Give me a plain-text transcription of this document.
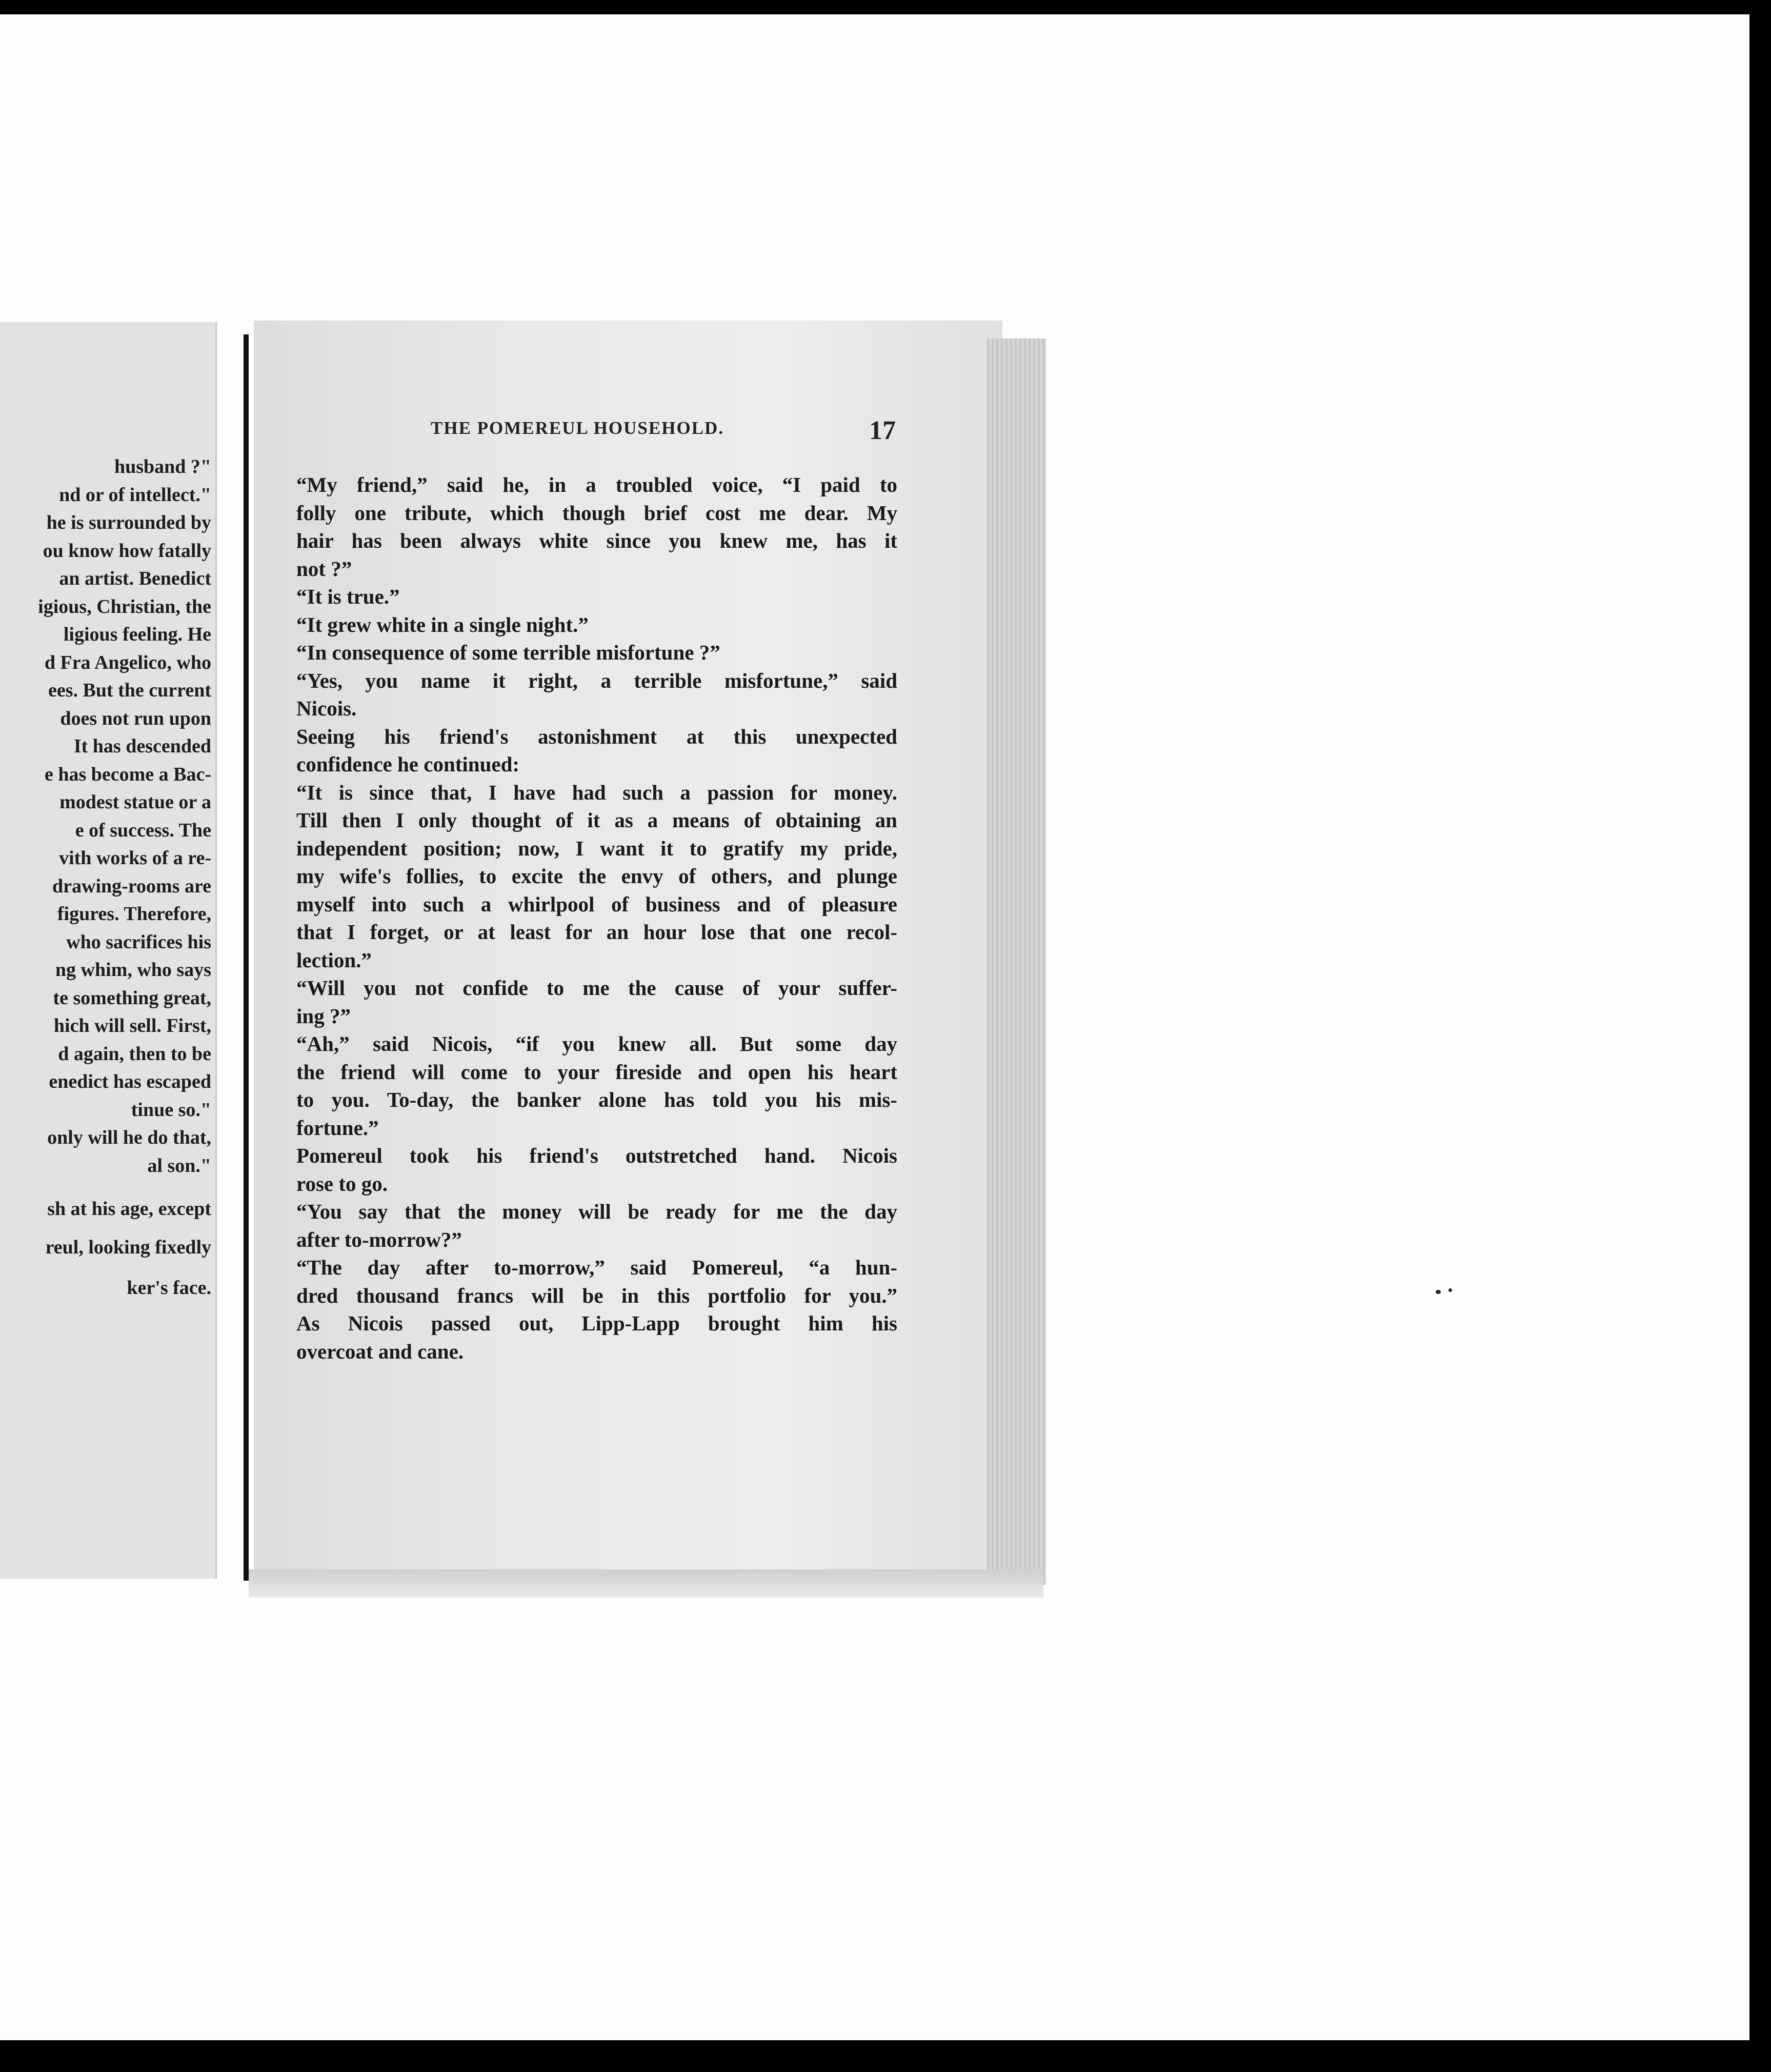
husband ?"
nd or of intellect."
he is surrounded by
ou know how fatally
an artist. Benedict
igious, Christian, the
ligious feeling. He
d Fra Angelico, who
ees. But the current
does not run upon
It has descended
e has become a Bac-
modest statue or a
e of success. The
vith works of a re-
drawing-rooms are
figures. Therefore,
who sacrifices his
ng whim, who says
te something great,
hich will sell. First,
d again, then to be
enedict has escaped
tinue so."
only will he do that,
al son."
sh at his age, except
reul, looking fixedly
ker's face.
THE POMEREUL HOUSEHOLD.	17

“My friend,” said he, in a troubled voice, “I paid to
folly one tribute, which though brief cost me dear. My
hair has been always white since you knew me, has it
not ?”

“It is true.”

“It grew white in a single night.”

“In consequence of some terrible misfortune ?”

“Yes, you name it right, a terrible misfortune,” said
Nicois.

Seeing his friend's astonishment at this unexpected
confidence he continued:

“It is since that, I have had such a passion for money.
Till then I only thought of it as a means of obtaining an
independent position; now, I want it to gratify my pride,
my wife's follies, to excite the envy of others, and plunge
myself into such a whirlpool of business and of pleasure
that I forget, or at least for an hour lose that one recol-
lection.”

“Will you not confide to me the cause of your suffer-
ing ?”

“Ah,” said Nicois, “if you knew all. But some day
the friend will come to your fireside and open his heart
to you. To-day, the banker alone has told you his mis-
fortune.”

Pomereul took his friend's outstretched hand. Nicois
rose to go.

“You say that the money will be ready for me the day
after to-morrow?”

“The day after to-morrow,” said Pomereul, “a hun-
dred thousand francs will be in this portfolio for you.”

As Nicois passed out, Lipp-Lapp brought him his
overcoat and cane.
